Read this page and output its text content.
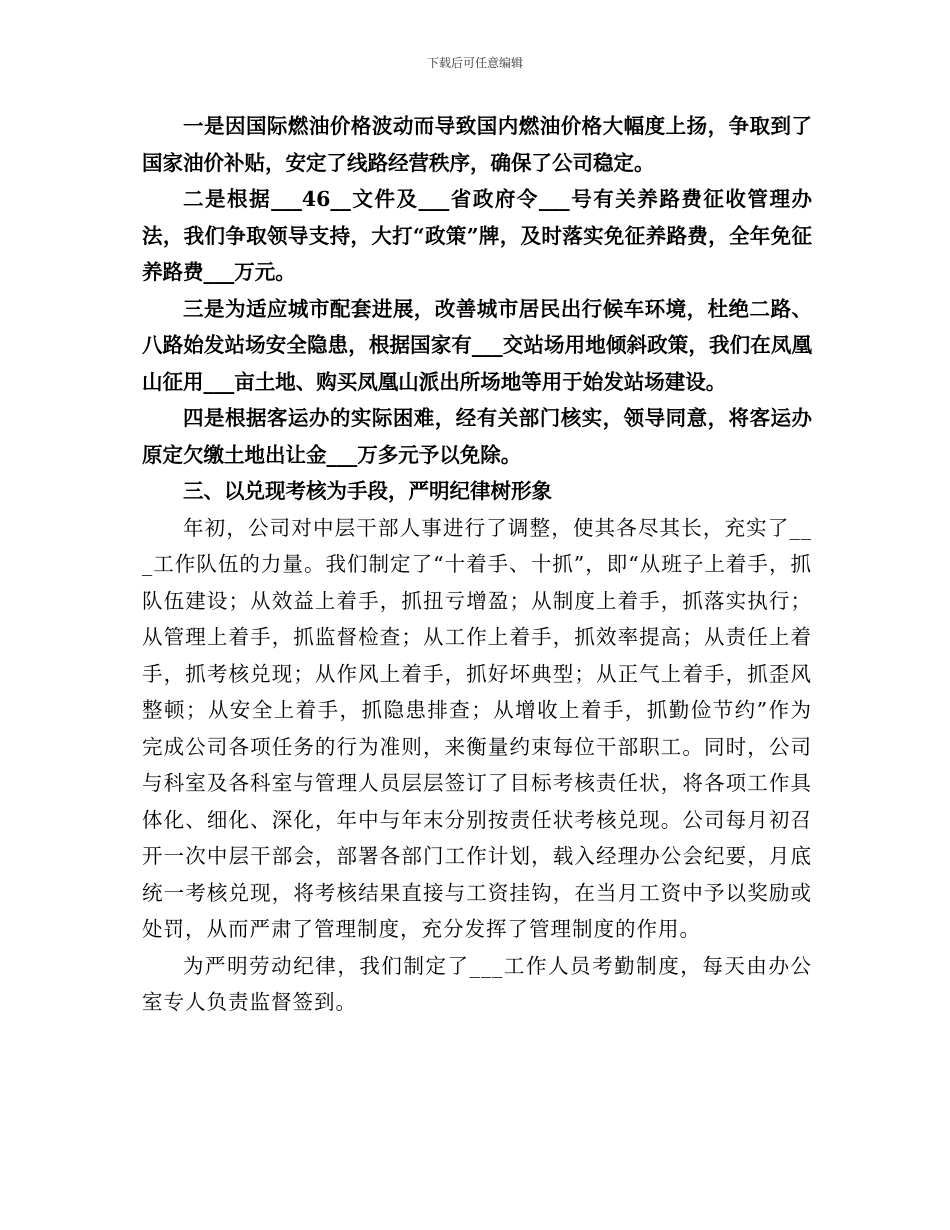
下载后可任意编辑

一是因国际燃油价格波动而导致国内燃油价格大幅度上扬，争取到了国家油价补贴，安定了线路经营秩序，确保了公司稳定。

二是根据___46__文件及___省政府令___号有关养路费征收管理办法，我们争取领导支持，大打“政策”牌，及时落实免征养路费，全年免征养路费___万元。

三是为适应城市配套进展，改善城市居民出行候车环境，杜绝二路、八路始发站场安全隐患，根据国家有___交站场用地倾斜政策，我们在凤凰山征用___亩土地、购买凤凰山派出所场地等用于始发站场建设。

四是根据客运办的实际困难，经有关部门核实，领导同意，将客运办原定欠缴土地出让金___万多元予以免除。

三、以兑现考核为手段，严明纪律树形象

年初，公司对中层干部人事进行了调整，使其各尽其长，充实了___工作队伍的力量。我们制定了“十着手、十抓”，即“从班子上着手，抓队伍建设；从效益上着手，抓扭亏增盈；从制度上着手，抓落实执行；从管理上着手，抓监督检查；从工作上着手，抓效率提高；从责任上着手，抓考核兑现；从作风上着手，抓好坏典型；从正气上着手，抓歪风整顿；从安全上着手，抓隐患排查；从增收上着手，抓勤俭节约”作为完成公司各项任务的行为准则，来衡量约束每位干部职工。同时，公司与科室及各科室与管理人员层层签订了目标考核责任状，将各项工作具体化、细化、深化，年中与年末分别按责任状考核兑现。公司每月初召开一次中层干部会，部署各部门工作计划，载入经理办公会纪要，月底统一考核兑现，将考核结果直接与工资挂钩，在当月工资中予以奖励或处罚，从而严肃了管理制度，充分发挥了管理制度的作用。

为严明劳动纪律，我们制定了___工作人员考勤制度，每天由办公室专人负责监督签到。
